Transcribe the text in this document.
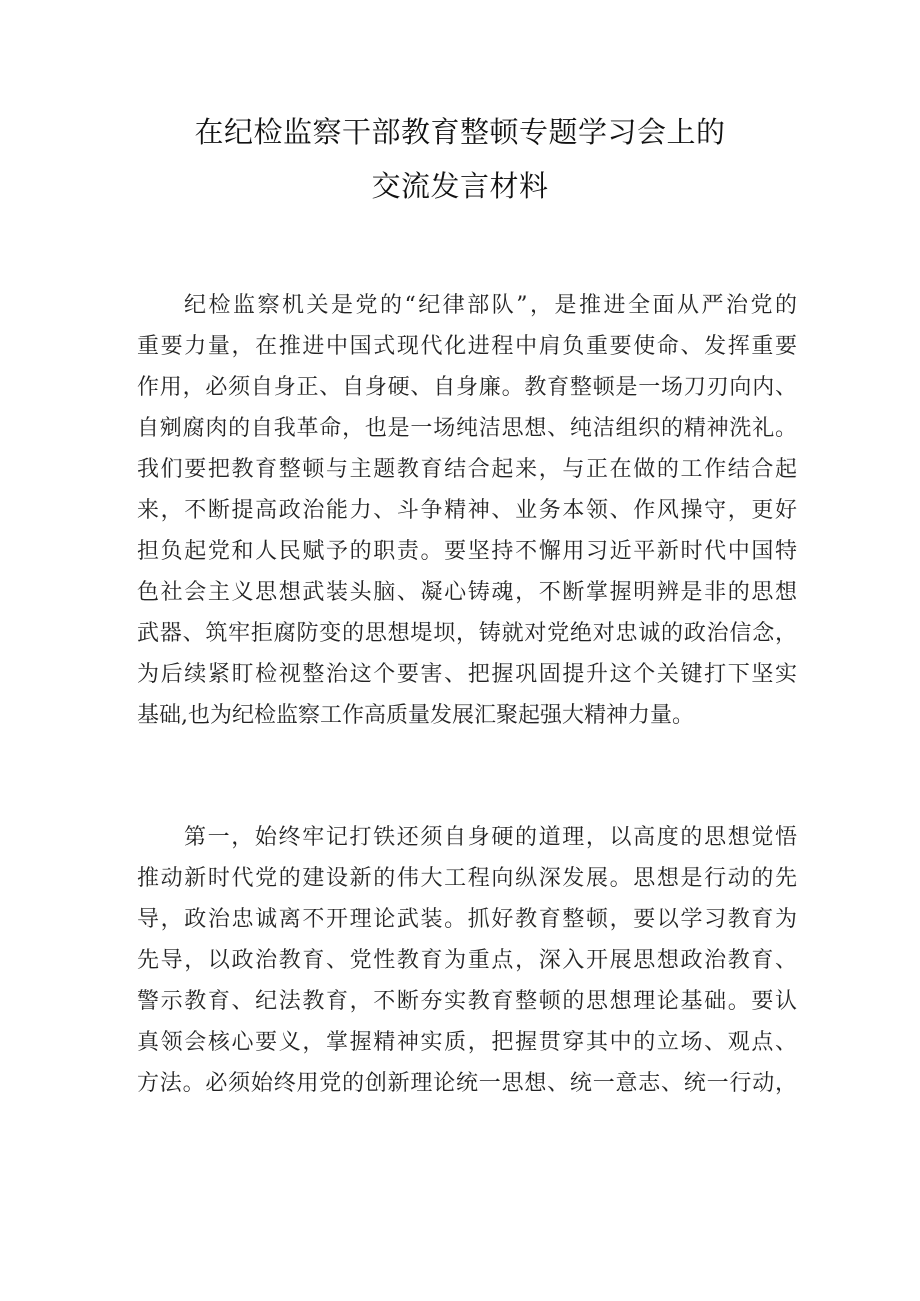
在纪检监察干部教育整顿专题学习会上的
交流发言材料
纪检监察机关是党的“纪律部队”，是推进全面从严治党的
重要力量，在推进中国式现代化进程中肩负重要使命、发挥重要
作用，必须自身正、自身硬、自身廉。教育整顿是一场刀刃向内、
自剜腐肉的自我革命，也是一场纯洁思想、纯洁组织的精神洗礼。
我们要把教育整顿与主题教育结合起来，与正在做的工作结合起
来，不断提高政治能力、斗争精神、业务本领、作风操守，更好
担负起党和人民赋予的职责。要坚持不懈用习近平新时代中国特
色社会主义思想武装头脑、凝心铸魂，不断掌握明辨是非的思想
武器、筑牢拒腐防变的思想堤坝，铸就对党绝对忠诚的政治信念，
为后续紧盯检视整治这个要害、把握巩固提升这个关键打下坚实
基础,也为纪检监察工作高质量发展汇聚起强大精神力量。
第一，始终牢记打铁还须自身硬的道理，以高度的思想觉悟
推动新时代党的建设新的伟大工程向纵深发展。思想是行动的先
导，政治忠诚离不开理论武装。抓好教育整顿，要以学习教育为
先导，以政治教育、党性教育为重点，深入开展思想政治教育、
警示教育、纪法教育，不断夯实教育整顿的思想理论基础。要认
真领会核心要义，掌握精神实质，把握贯穿其中的立场、观点、
方法。必须始终用党的创新理论统一思想、统一意志、统一行动，
